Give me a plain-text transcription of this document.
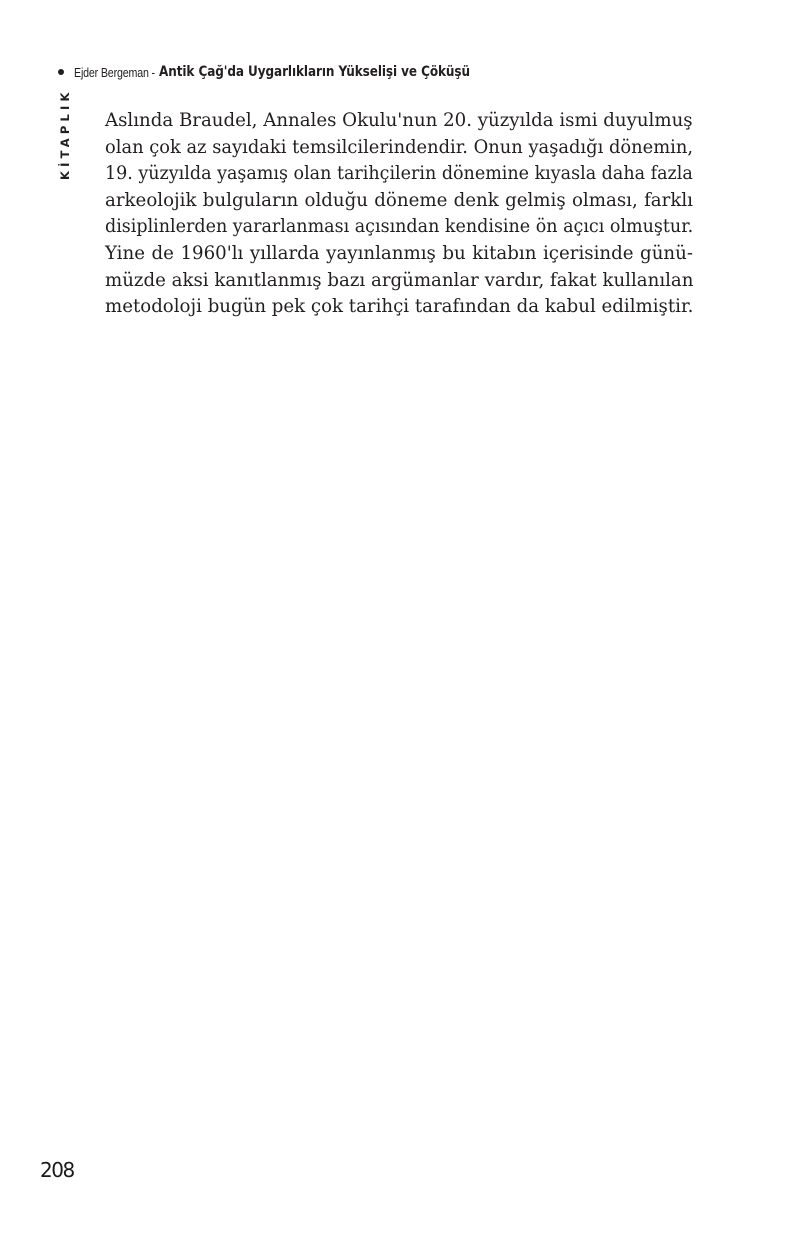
Ejder Bergeman - Antik Çağ'da Uygarlıkların Yükselişi ve Çöküşü
KİTAPLIK Aslında Braudel, Annales Okulu'nun 20. yüzyılda ismi duyulmuş
olan çok az sayıdaki temsilcilerindendir. Onun yaşadığı dönemin,
19. yüzyılda yaşamış olan tarihçilerin dönemine kıyasla daha fazla
arkeolojik bulguların olduğu döneme denk gelmiş olması, farklı
disiplinlerden yararlanması açısından kendisine ön açıcı olmuştur.
Yine de 1960'lı yıllarda yayınlanmış bu kitabın içerisinde günü-
müzde aksi kanıtlanmış bazı argümanlar vardır, fakat kullanılan
metodoloji bugün pek çok tarihçi tarafından da kabul edilmiştir.
208
